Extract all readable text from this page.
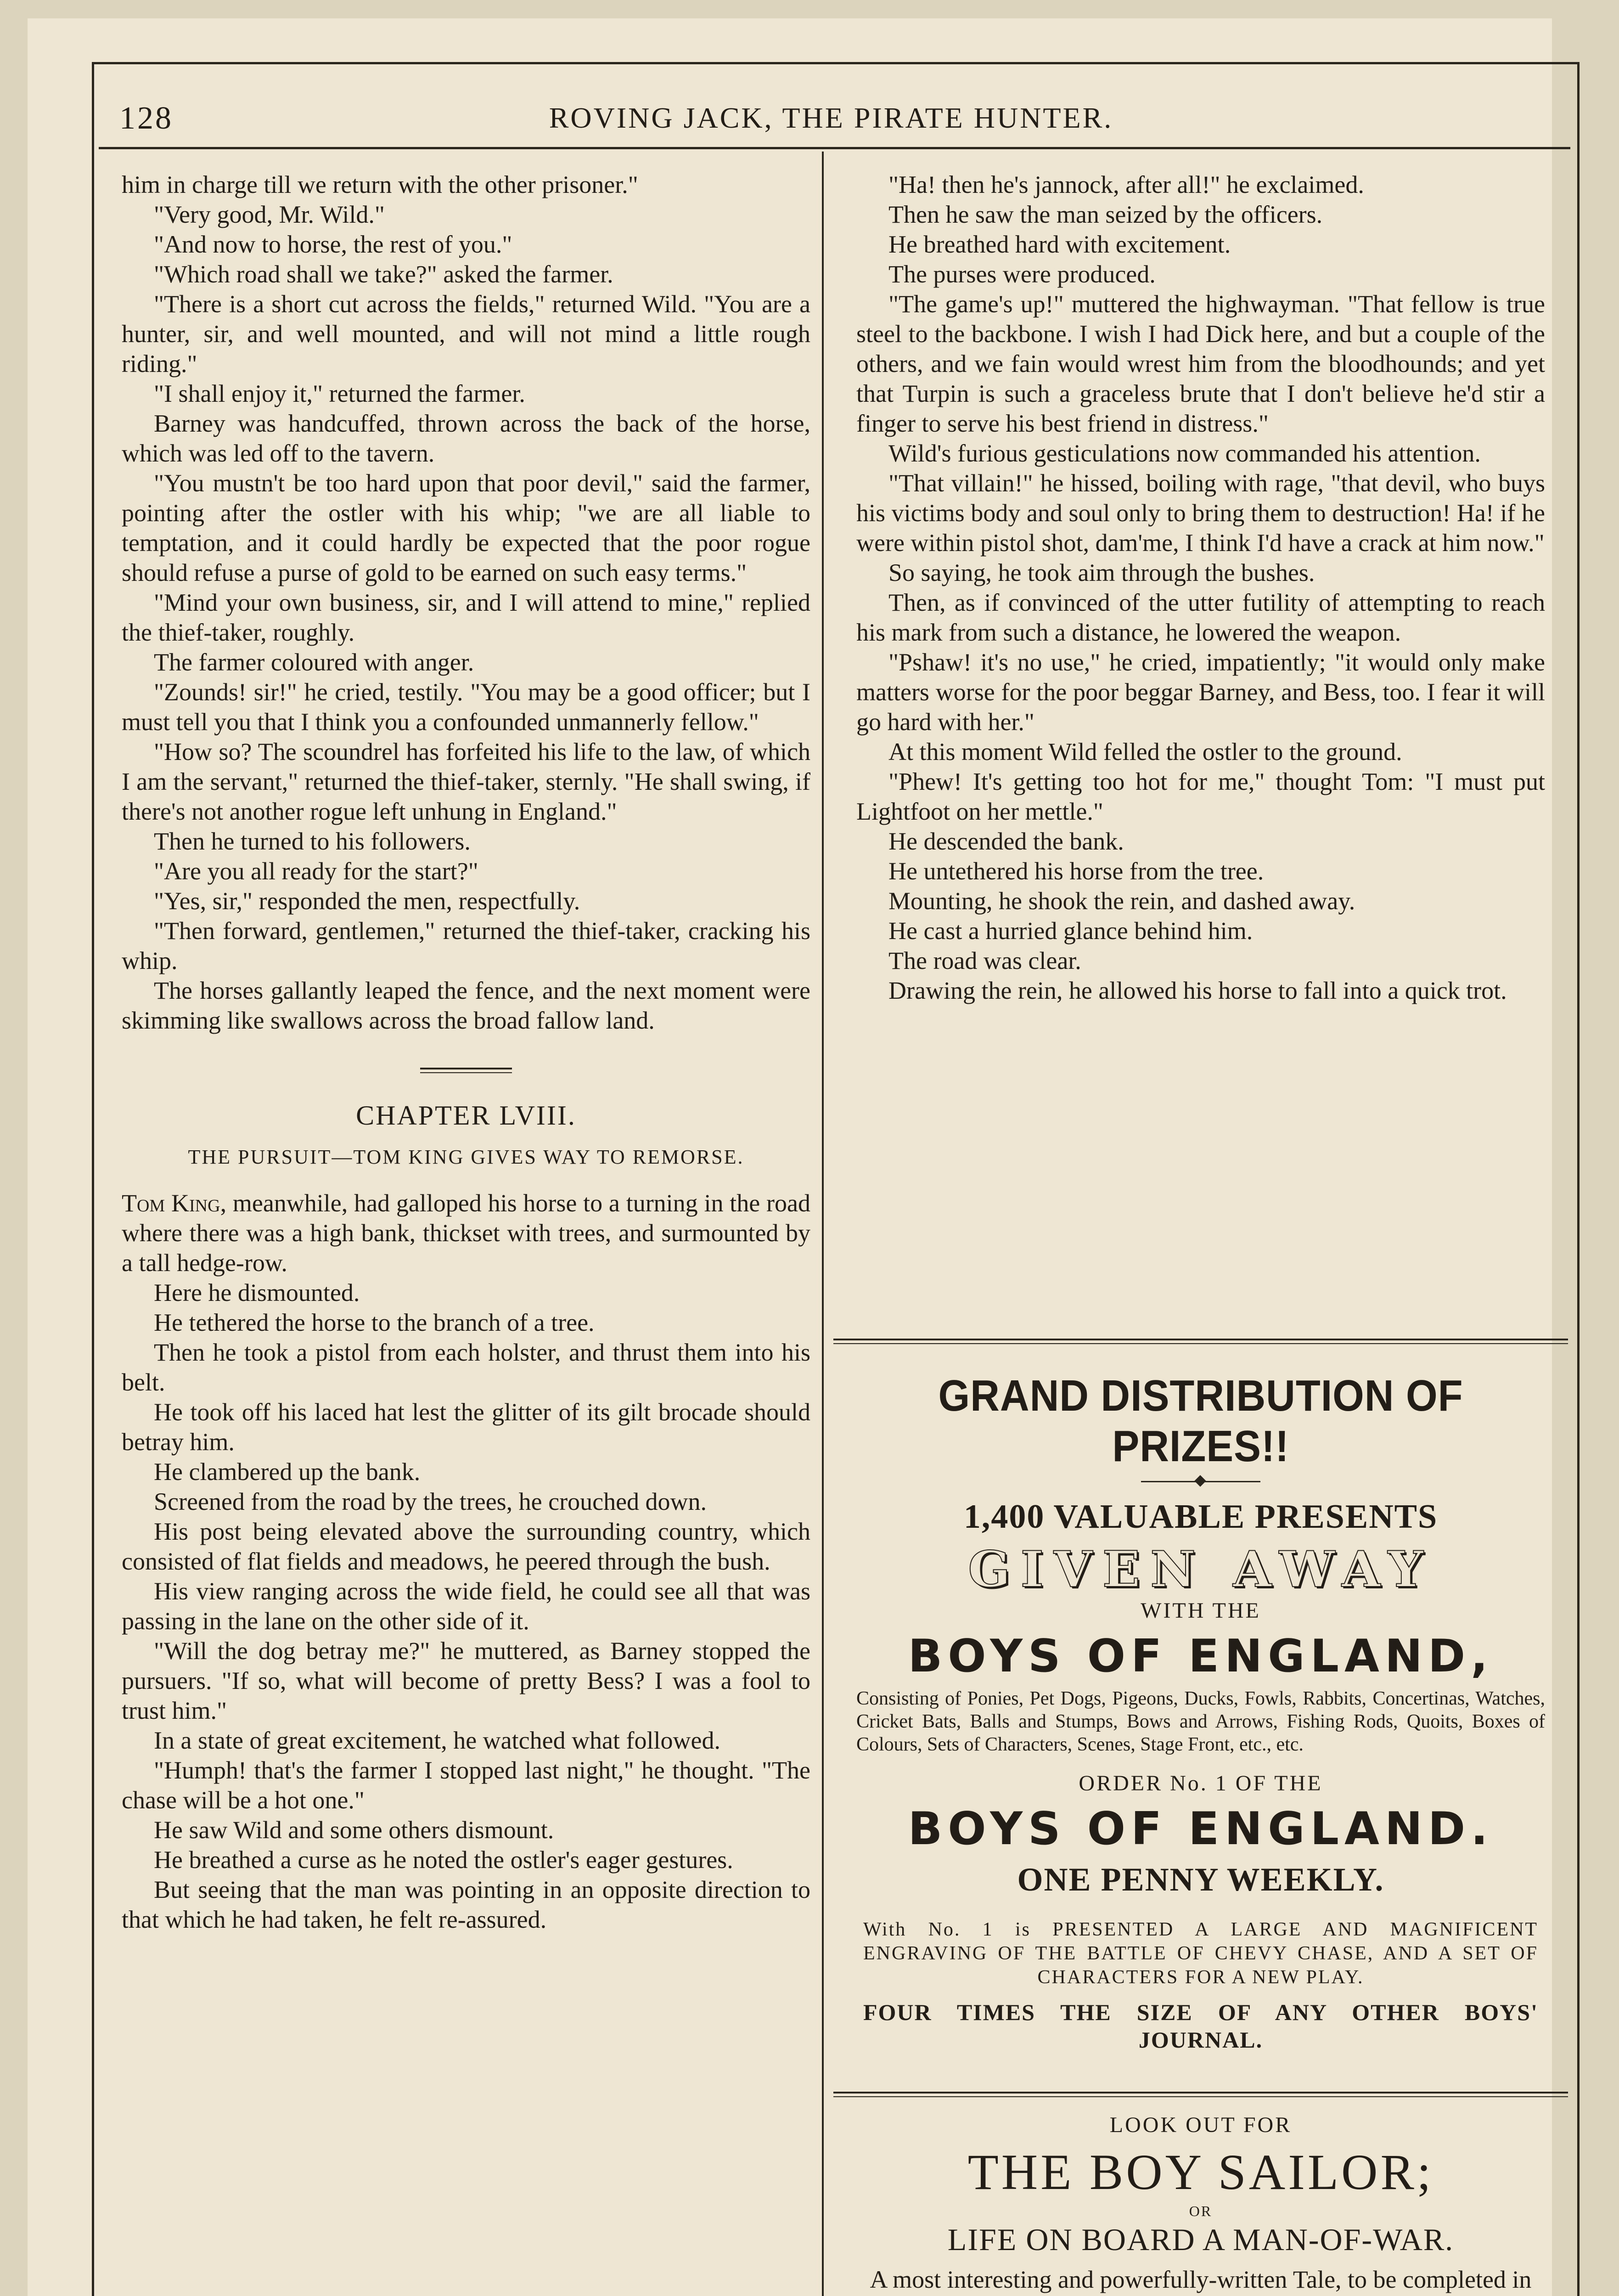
128	ROVING JACK, THE PIRATE HUNTER.

him in charge till we return with the other prisoner."

"Very good, Mr. Wild."

"And now to horse, the rest of you."

"Which road shall we take?" asked the farmer.

"There is a short cut across the fields," returned Wild. "You are a hunter, sir, and well mounted, and will not mind a little rough riding."

"I shall enjoy it," returned the farmer.

Barney was handcuffed, thrown across the back of the horse, which was led off to the tavern.

"You mustn't be too hard upon that poor devil," said the farmer, pointing after the ostler with his whip; "we are all liable to temptation, and it could hardly be expected that the poor rogue should refuse a purse of gold to be earned on such easy terms."

"Mind your own business, sir, and I will attend to mine," replied the thief-taker, roughly.

The farmer coloured with anger.

"Zounds! sir!" he cried, testily. "You may be a good officer; but I must tell you that I think you a confounded unmannerly fellow."

"How so? The scoundrel has forfeited his life to the law, of which I am the servant," returned the thief-taker, sternly. "He shall swing, if there's not another rogue left unhung in England."

Then he turned to his followers.

"Are you all ready for the start?"

"Yes, sir," responded the men, respectfully.

"Then forward, gentlemen," returned the thief-taker, cracking his whip.

The horses gallantly leaped the fence, and the next moment were skimming like swallows across the broad fallow land.

CHAPTER LVIII.
THE PURSUIT—TOM KING GIVES WAY TO REMORSE.

Tom King, meanwhile, had galloped his horse to a turning in the road where there was a high bank, thickset with trees, and surmounted by a tall hedge-row.

Here he dismounted.

He tethered the horse to the branch of a tree.

Then he took a pistol from each holster, and thrust them into his belt.

He took off his laced hat lest the glitter of its gilt brocade should betray him.

He clambered up the bank.

Screened from the road by the trees, he crouched down.

His post being elevated above the surrounding country, which consisted of flat fields and meadows, he peered through the bush.

His view ranging across the wide field, he could see all that was passing in the lane on the other side of it.

"Will the dog betray me?" he muttered, as Barney stopped the pursuers. "If so, what will become of pretty Bess? I was a fool to trust him."

In a state of great excitement, he watched what followed.

"Humph! that's the farmer I stopped last night," he thought. "The chase will be a hot one."

He saw Wild and some others dismount.

He breathed a curse as he noted the ostler's eager gestures.

But seeing that the man was pointing in an opposite direction to that which he had taken, he felt re-assured.

"Ha! then he's jannock, after all!" he exclaimed.

Then he saw the man seized by the officers.

He breathed hard with excitement.

The purses were produced.

"The game's up!" muttered the highwayman. "That fellow is true steel to the backbone. I wish I had Dick here, and but a couple of the others, and we fain would wrest him from the bloodhounds; and yet that Turpin is such a graceless brute that I don't believe he'd stir a finger to serve his best friend in distress."

Wild's furious gesticulations now commanded his attention.

"That villain!" he hissed, boiling with rage, "that devil, who buys his victims body and soul only to bring them to destruction! Ha! if he were within pistol shot, dam'me, I think I'd have a crack at him now."

So saying, he took aim through the bushes.

Then, as if convinced of the utter futility of attempting to reach his mark from such a distance, he lowered the weapon.

"Pshaw! it's no use," he cried, impatiently; "it would only make matters worse for the poor beggar Barney, and Bess, too. I fear it will go hard with her."

At this moment Wild felled the ostler to the ground.

"Phew! It's getting too hot for me," thought Tom: "I must put Lightfoot on her mettle."

He descended the bank.

He untethered his horse from the tree.

Mounting, he shook the rein, and dashed away.

He cast a hurried glance behind him.

The road was clear.

Drawing the rein, he allowed his horse to fall into a quick trot.

GRAND DISTRIBUTION OF PRIZES!!
1,400 VALUABLE PRESENTS
GIVEN AWAY
WITH THE
BOYS OF ENGLAND,
Consisting of Ponies, Pet Dogs, Pigeons, Ducks, Fowls, Rabbits, Concertinas, Watches, Cricket Bats, Balls and Stumps, Bows and Arrows, Fishing Rods, Quoits, Boxes of Colours, Sets of Characters, Scenes, Stage Front, etc., etc.
ORDER No. 1 OF THE
BOYS OF ENGLAND.
ONE PENNY WEEKLY.
With No. 1 is PRESENTED A LARGE AND MAGNIFICENT ENGRAVING OF THE BATTLE OF CHEVY CHASE, AND A SET OF CHARACTERS FOR A NEW PLAY.
FOUR TIMES THE SIZE OF ANY OTHER BOYS' JOURNAL.
LOOK OUT FOR
THE BOY SAILOR;
OR
LIFE ON BOARD A MAN-OF-WAR.
A most interesting and powerfully-written Tale, to be completed in
